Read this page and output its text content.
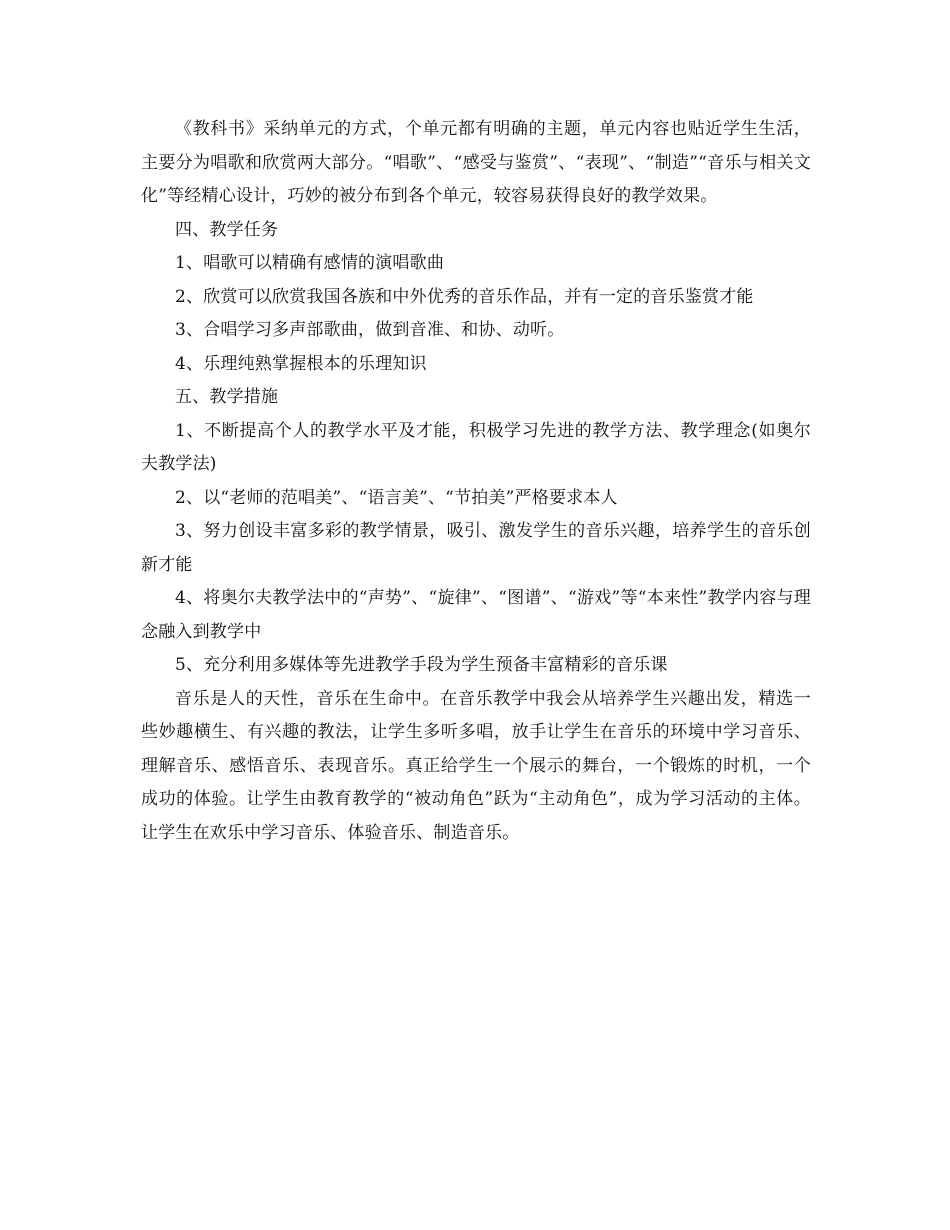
《教科书》采纳单元的方式，个单元都有明确的主题，单元内容也贴近学生生活，主要分为唱歌和欣赏两大部分。“唱歌”、“感受与鉴赏”、“表现”、“制造”“音乐与相关文化”等经精心设计，巧妙的被分布到各个单元，较容易获得良好的教学效果。

四、教学任务

1、唱歌可以精确有感情的演唱歌曲

2、欣赏可以欣赏我国各族和中外优秀的音乐作品，并有一定的音乐鉴赏才能

3、合唱学习多声部歌曲，做到音准、和协、动听。

4、乐理纯熟掌握根本的乐理知识

五、教学措施

1、不断提高个人的教学水平及才能，积极学习先进的教学方法、教学理念(如奥尔夫教学法)

2、以“老师的范唱美”、“语言美”、“节拍美”严格要求本人

3、努力创设丰富多彩的教学情景，吸引、激发学生的音乐兴趣，培养学生的音乐创新才能

4、将奥尔夫教学法中的“声势”、“旋律”、“图谱”、“游戏”等“本来性”教学内容与理念融入到教学中

5、充分利用多媒体等先进教学手段为学生预备丰富精彩的音乐课

音乐是人的天性，音乐在生命中。在音乐教学中我会从培养学生兴趣出发，精选一些妙趣横生、有兴趣的教法，让学生多听多唱，放手让学生在音乐的环境中学习音乐、理解音乐、感悟音乐、表现音乐。真正给学生一个展示的舞台，一个锻炼的时机，一个成功的体验。让学生由教育教学的“被动角色”跃为“主动角色”，成为学习活动的主体。让学生在欢乐中学习音乐、体验音乐、制造音乐。
